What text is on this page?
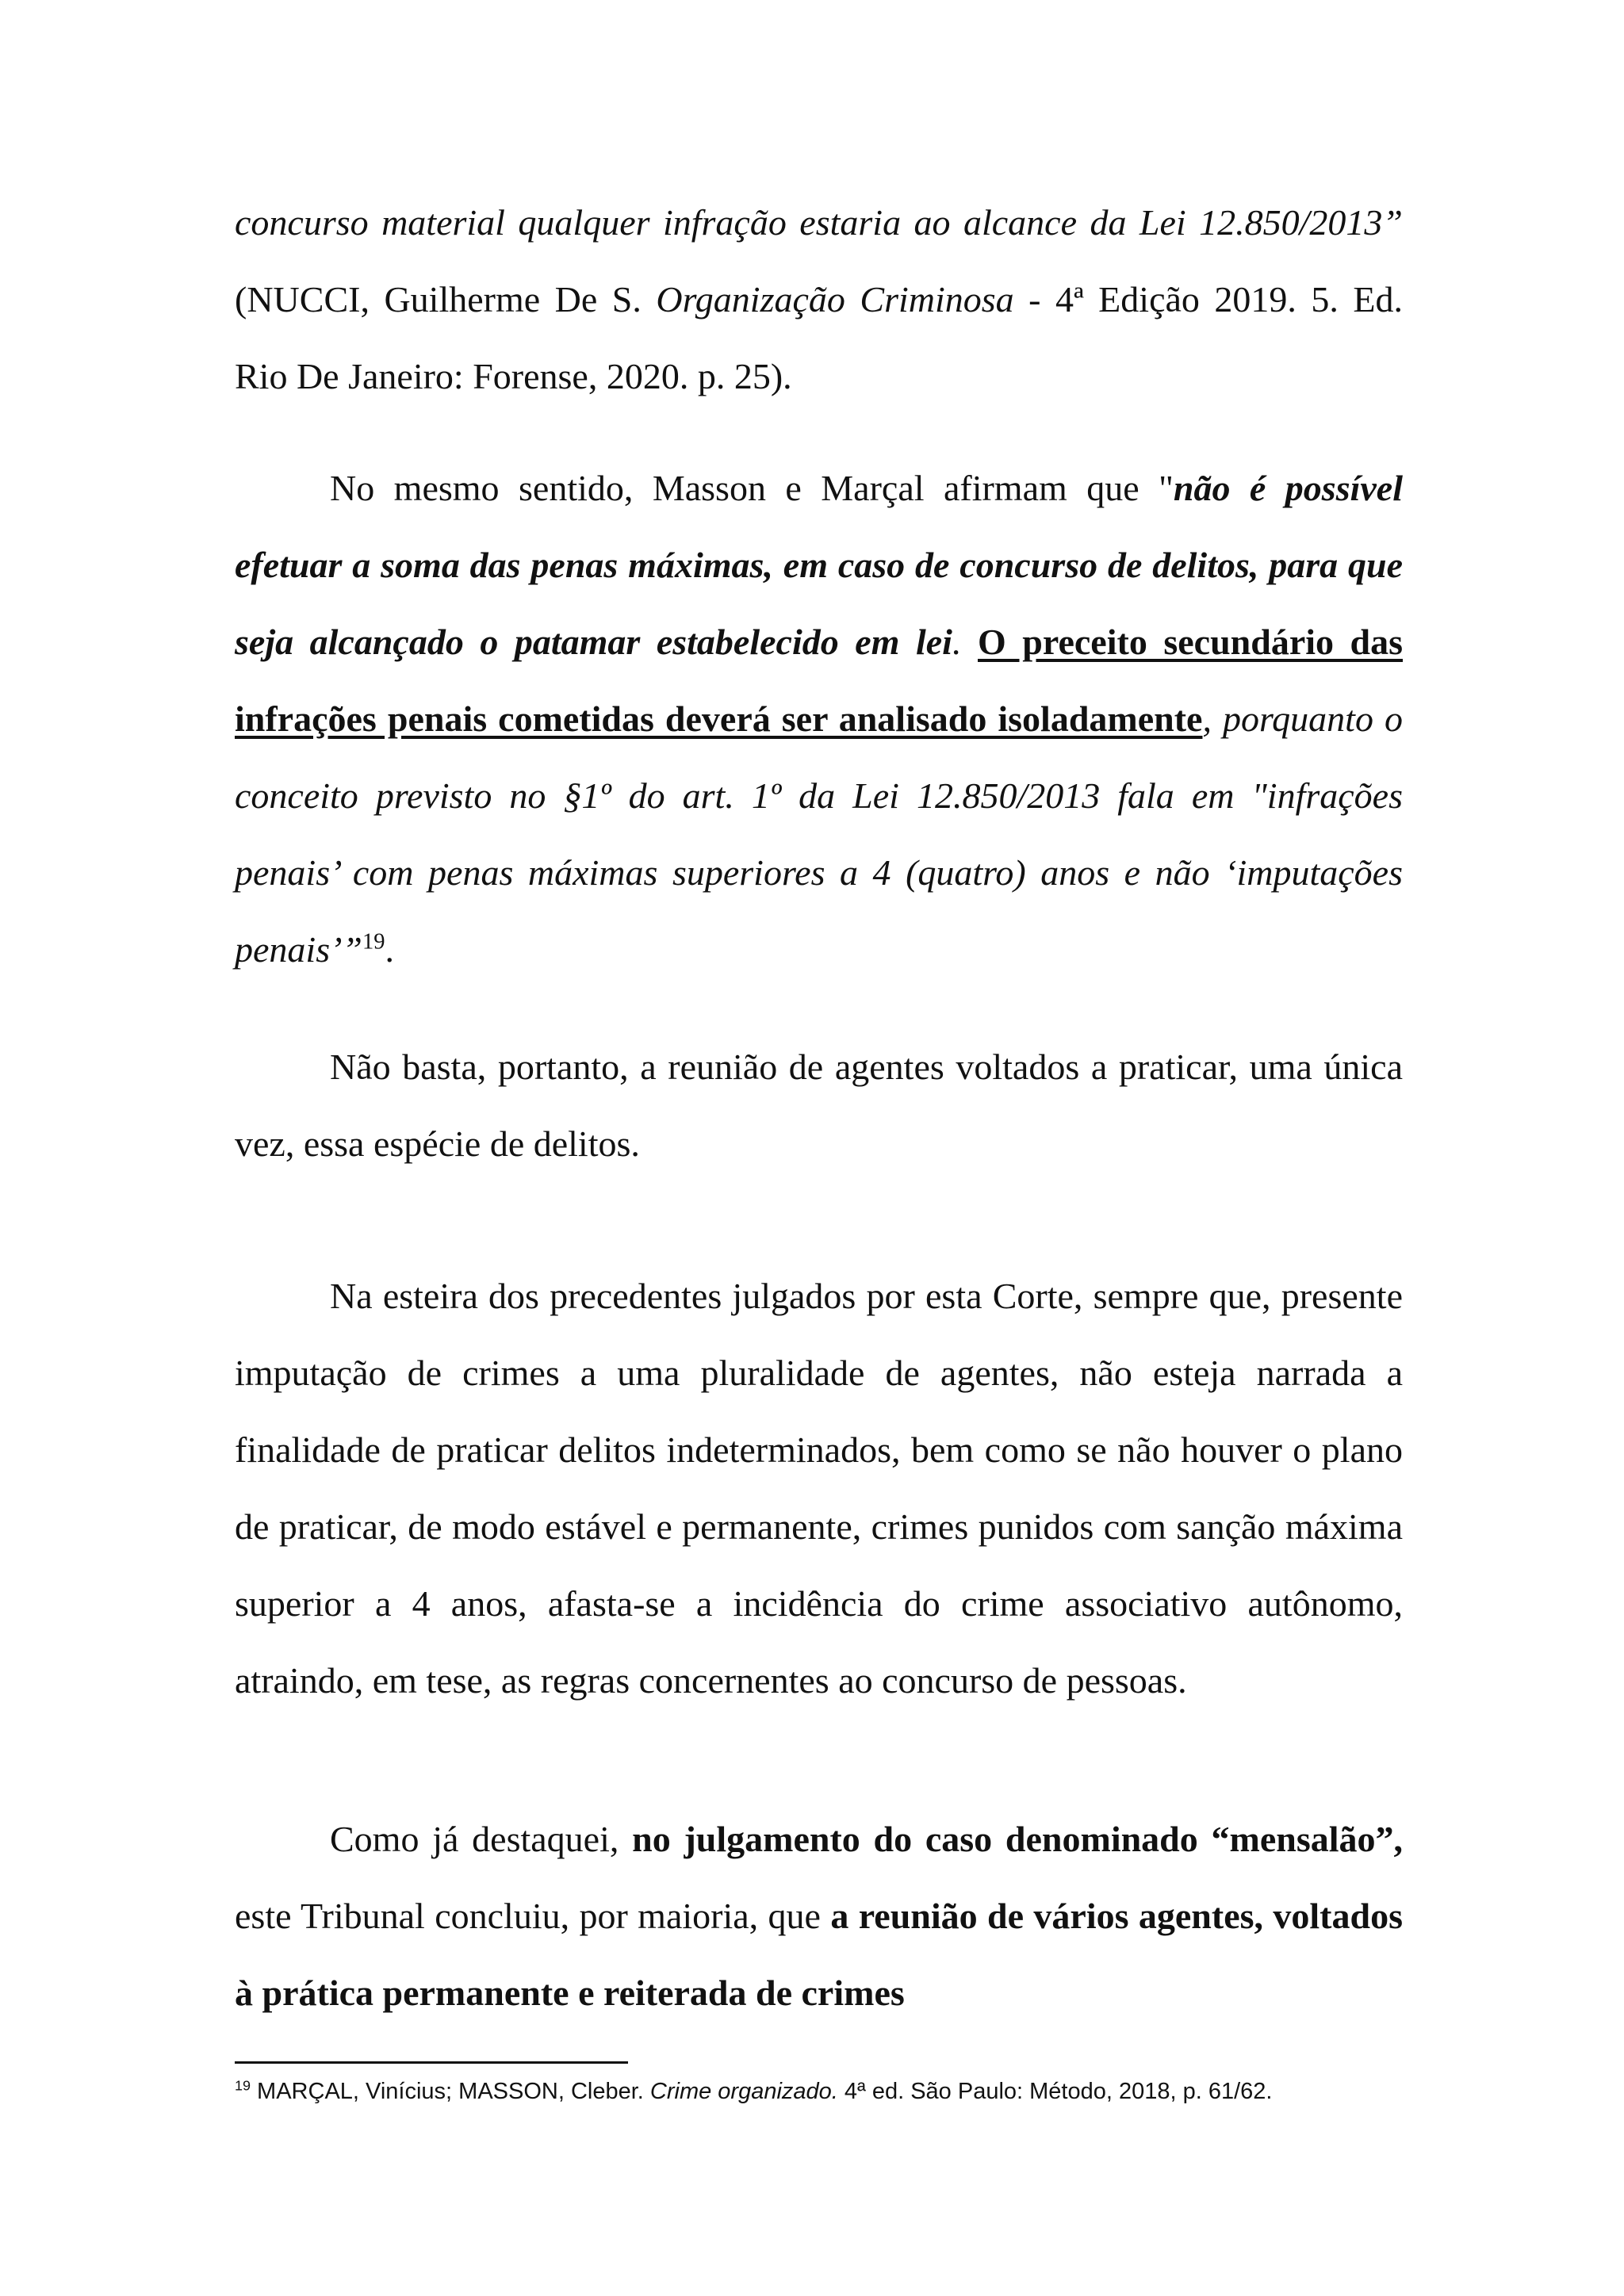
concurso material qualquer infração estaria ao alcance da Lei 12.850/2013” (NUCCI, Guilherme De S. Organização Criminosa - 4ª Edição 2019. 5. Ed. Rio De Janeiro: Forense, 2020. p. 25).
No mesmo sentido, Masson e Marçal afirmam que "não é possível efetuar a soma das penas máximas, em caso de concurso de delitos, para que seja alcançado o patamar estabelecido em lei. O preceito secundário das infrações penais cometidas deverá ser analisado isoladamente, porquanto o conceito previsto no §1º do art. 1º da Lei 12.850/2013 fala em "infrações penais’ com penas máximas superiores a 4 (quatro) anos e não ‘imputações penais’”$^{19}$.
Não basta, portanto, a reunião de agentes voltados a praticar, uma única vez, essa espécie de delitos.
Na esteira dos precedentes julgados por esta Corte, sempre que, presente imputação de crimes a uma pluralidade de agentes, não esteja narrada a finalidade de praticar delitos indeterminados, bem como se não houver o plano de praticar, de modo estável e permanente, crimes punidos com sanção máxima superior a 4 anos, afasta-se a incidência do crime associativo autônomo, atraindo, em tese, as regras concernentes ao concurso de pessoas.
Como já destaquei, no julgamento do caso denominado “mensalão”, este Tribunal concluiu, por maioria, que a reunião de vários agentes, voltados à prática permanente e reiterada de crimes
$^{19}$ MARÇAL, Vinícius; MASSON, Cleber. Crime organizado. 4ª ed. São Paulo: Método, 2018, p. 61/62.
